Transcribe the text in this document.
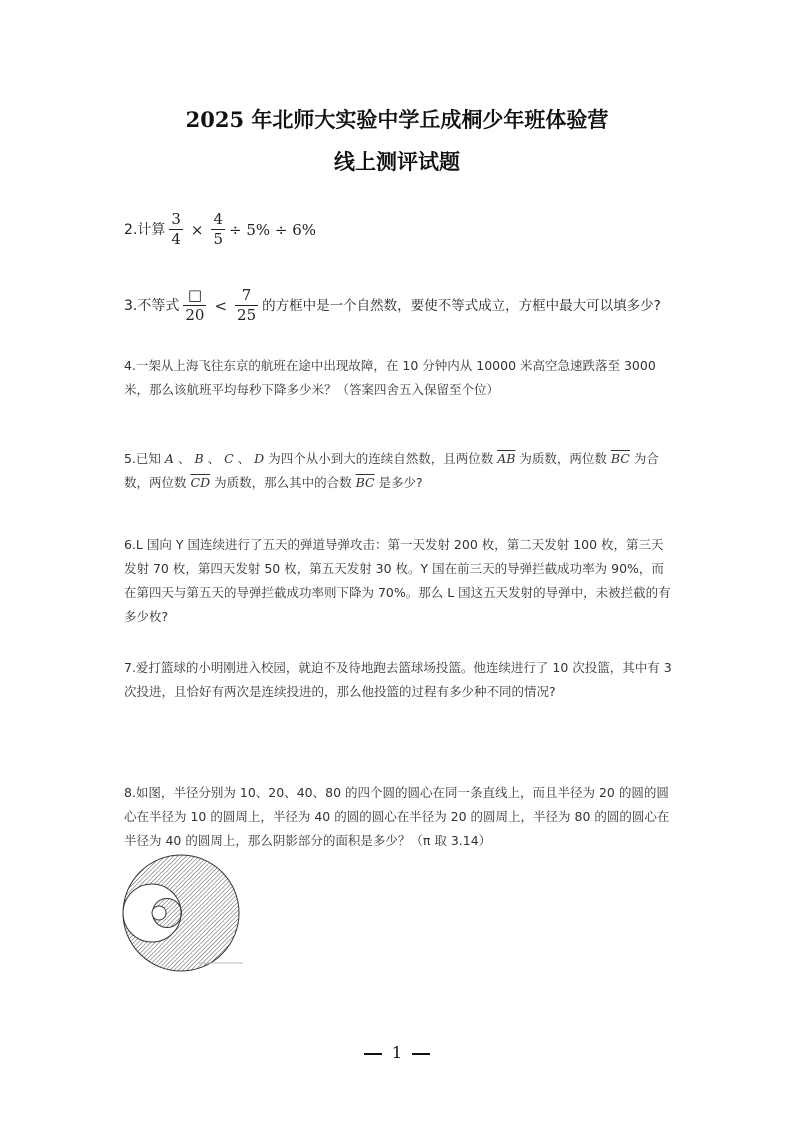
2025 年北师大实验中学丘成桐少年班体验营
线上测评试题
2.计算 $\frac{3}{4} \times \frac{4}{5} \div 5\% \div 6\%$
3.不等式 $\frac{□}{20} < \frac{7}{25}$ 的方框中是一个自然数，要使不等式成立，方框中最大可以填多少?
4.一架从上海飞往东京的航班在途中出现故障，在 10 分钟内从 10000 米高空急速跌落至 3000 米，那么该航班平均每秒下降多少米？（答案四舍五入保留至个位）
5.已知 A 、 B 、 C 、 D 为四个从小到大的连续自然数，且两位数 $\overline{AB}$ 为质数，两位数 $\overline{BC}$ 为合数，两位数 $\overline{CD}$ 为质数，那么其中的合数 $\overline{BC}$ 是多少?
6.L 国向 Y 国连续进行了五天的弹道导弹攻击：第一天发射 200 枚，第二天发射 100 枚，第三天发射 70 枚，第四天发射 50 枚，第五天发射 30 枚。Y 国在前三天的导弹拦截成功率为 90%，而在第四天与第五天的导弹拦截成功率则下降为 70%。那么 L 国这五天发射的导弹中，未被拦截的有多少枚?
7.爱打篮球的小明刚进入校园，就迫不及待地跑去篮球场投篮。他连续进行了 10 次投篮，其中有 3 次投进，且恰好有两次是连续投进的，那么他投篮的过程有多少种不同的情况?
8.如图，半径分别为 10、20、40、80 的四个圆的圆心在同一条直线上，而且半径为 20 的圆的圆心在半径为 10 的圆周上，半径为 40 的圆的圆心在半径为 20 的圆周上，半径为 80 的圆的圆心在半径为 40 的圆周上，那么阴影部分的面积是多少？（π 取 3.14）
1
